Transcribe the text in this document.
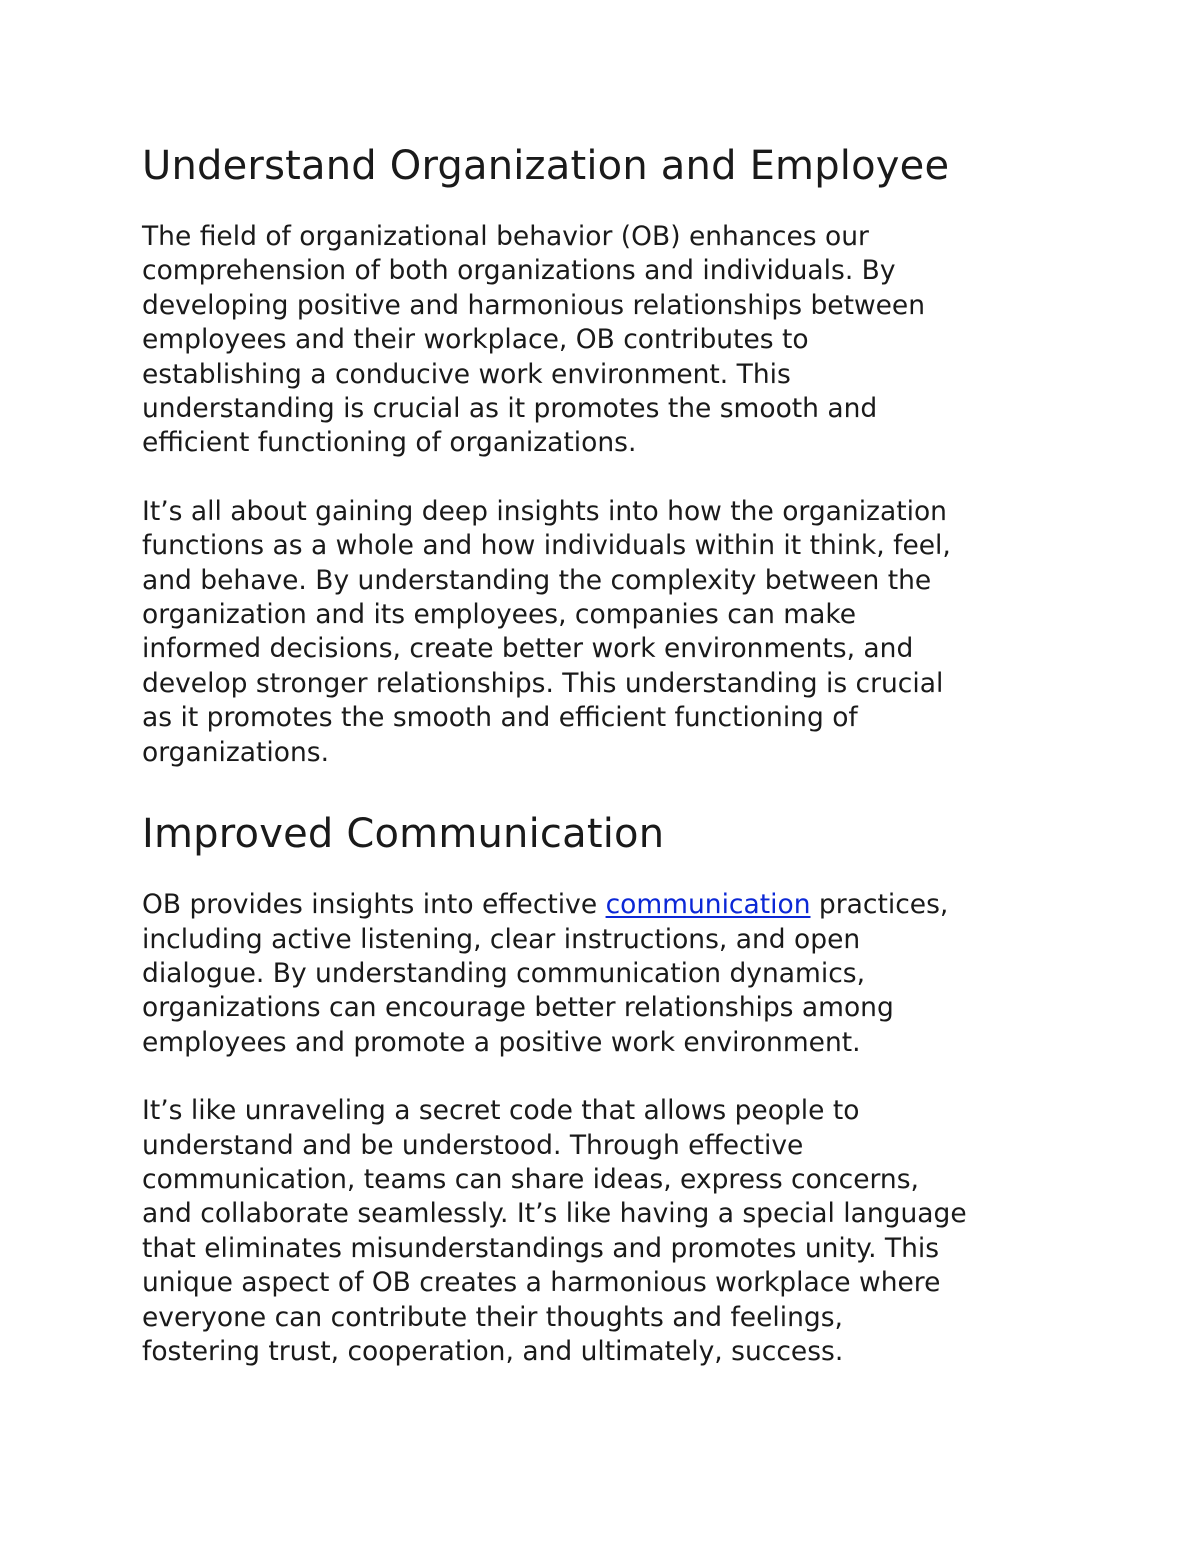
Understand Organization and Employee

The field of organizational behavior (OB) enhances our
comprehension of both organizations and individuals. By
developing positive and harmonious relationships between
employees and their workplace, OB contributes to
establishing a conducive work environment. This
understanding is crucial as it promotes the smooth and
efficient functioning of organizations.

It’s all about gaining deep insights into how the organization
functions as a whole and how individuals within it think, feel,
and behave. By understanding the complexity between the
organization and its employees, companies can make
informed decisions, create better work environments, and
develop stronger relationships. This understanding is crucial
as it promotes the smooth and efficient functioning of
organizations.

Improved Communication

OB provides insights into effective communication practices,
including active listening, clear instructions, and open
dialogue. By understanding communication dynamics,
organizations can encourage better relationships among
employees and promote a positive work environment.

It’s like unraveling a secret code that allows people to
understand and be understood. Through effective
communication, teams can share ideas, express concerns,
and collaborate seamlessly. It’s like having a special language
that eliminates misunderstandings and promotes unity. This
unique aspect of OB creates a harmonious workplace where
everyone can contribute their thoughts and feelings,
fostering trust, cooperation, and ultimately, success.
